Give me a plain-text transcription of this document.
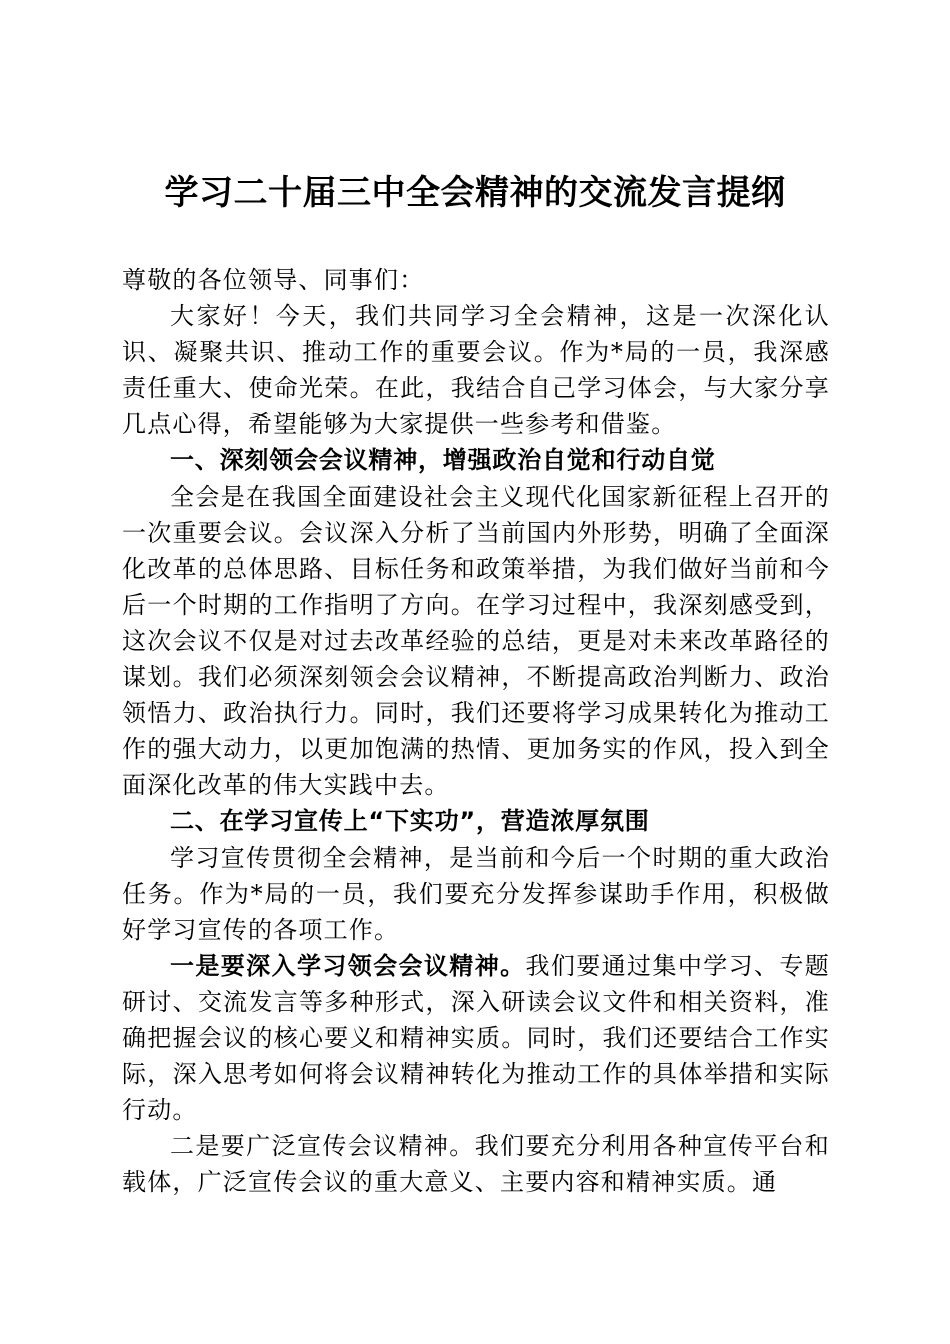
学习二十届三中全会精神的交流发言提纲

尊敬的各位领导、同事们：

大家好！今天，我们共同学习全会精神，这是一次深化认识、凝聚共识、推动工作的重要会议。作为*局的一员，我深感责任重大、使命光荣。在此，我结合自己学习体会，与大家分享几点心得，希望能够为大家提供一些参考和借鉴。

一、深刻领会会议精神，增强政治自觉和行动自觉

全会是在我国全面建设社会主义现代化国家新征程上召开的一次重要会议。会议深入分析了当前国内外形势，明确了全面深化改革的总体思路、目标任务和政策举措，为我们做好当前和今后一个时期的工作指明了方向。在学习过程中，我深刻感受到，这次会议不仅是对过去改革经验的总结，更是对未来改革路径的谋划。我们必须深刻领会会议精神，不断提高政治判断力、政治领悟力、政治执行力。同时，我们还要将学习成果转化为推动工作的强大动力，以更加饱满的热情、更加务实的作风，投入到全面深化改革的伟大实践中去。

二、在学习宣传上“下实功”，营造浓厚氛围

学习宣传贯彻全会精神，是当前和今后一个时期的重大政治任务。作为*局的一员，我们要充分发挥参谋助手作用，积极做好学习宣传的各项工作。

一是要深入学习领会会议精神。我们要通过集中学习、专题研讨、交流发言等多种形式，深入研读会议文件和相关资料，准确把握会议的核心要义和精神实质。同时，我们还要结合工作实际，深入思考如何将会议精神转化为推动工作的具体举措和实际行动。

二是要广泛宣传会议精神。我们要充分利用各种宣传平台和载体，广泛宣传会议的重大意义、主要内容和精神实质。通
